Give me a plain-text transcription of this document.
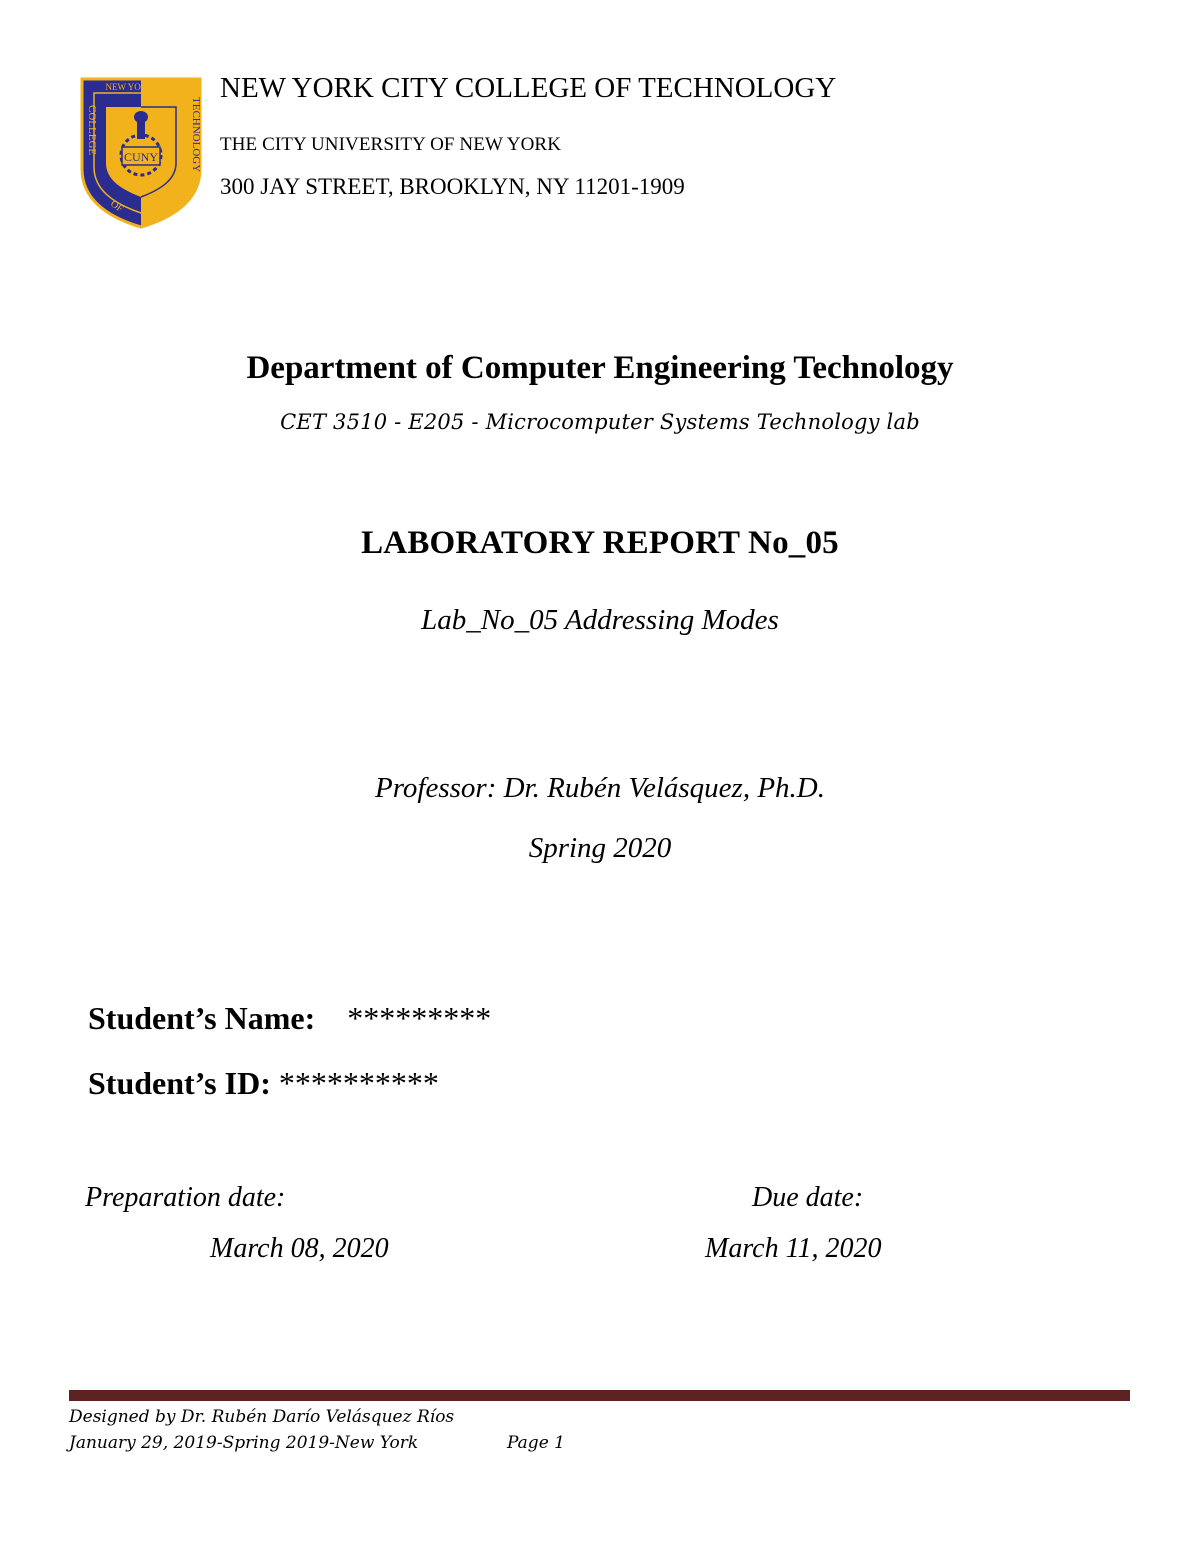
CUNY
NEW YORK CITY
COLLEGE	TECHNOLOGY
OF
NEW YORK CITY COLLEGE OF TECHNOLOGY
THE CITY UNIVERSITY OF NEW YORK
300 JAY STREET, BROOKLYN, NY 11201-1909
Department of Computer Engineering Technology
CET 3510 - E205 - Microcomputer Systems Technology lab
LABORATORY REPORT No_05
Lab_No_05 Addressing Modes
Professor: Dr. Rubén Velásquez, Ph.D.
Spring 2020
Student’s Name: *********
Student’s ID: **********
Preparation date:	Due date:
March 08, 2020	March 11, 2020
Designed by Dr. Rubén Darío Velásquez Ríos
January 29, 2019-Spring 2019-New York	Page 1
